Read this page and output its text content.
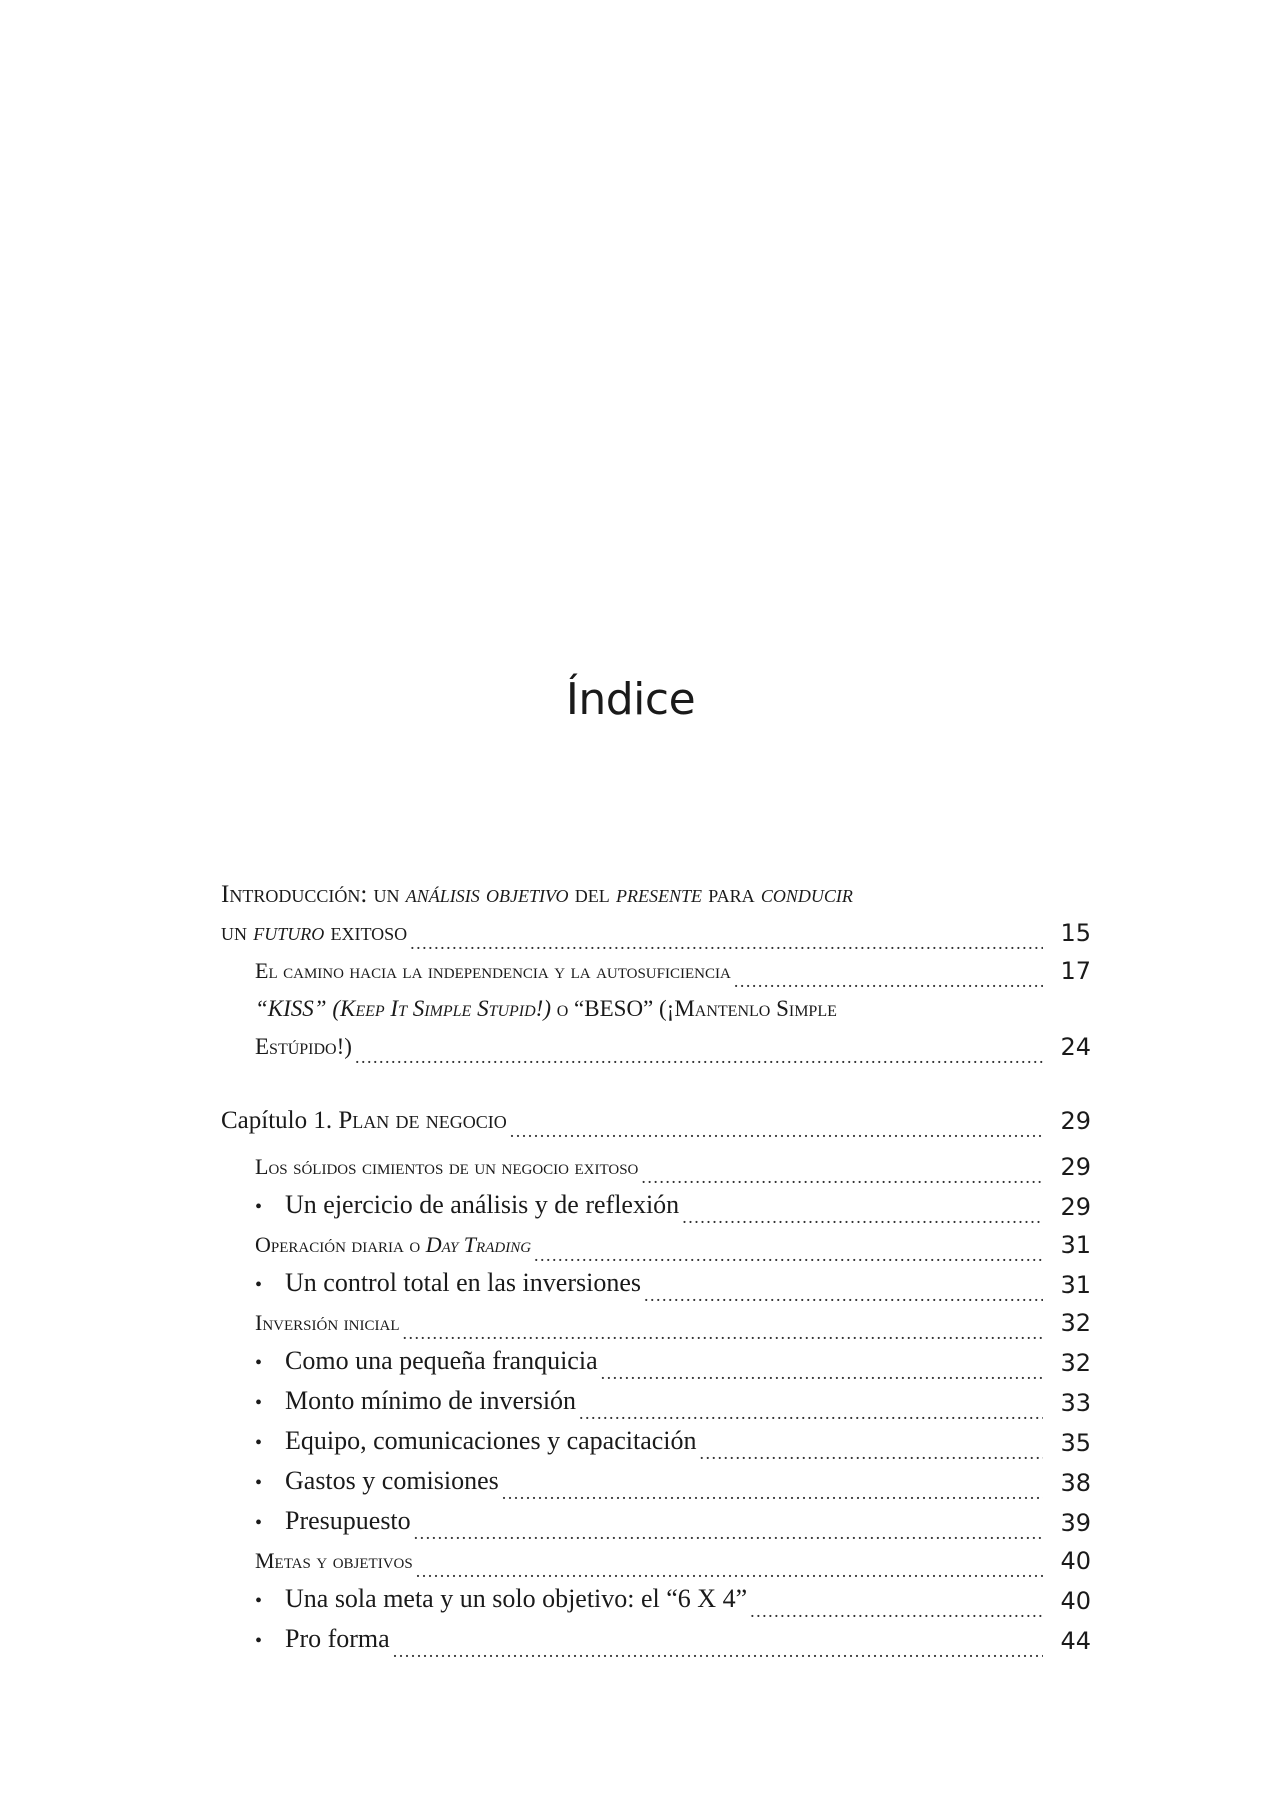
Índice
Introducción: un análisis objetivo del presente para conducir
un futuro exitoso .....	15
El camino hacia la independencia y la autosuficiencia .....	17
“KISS” (Keep It Simple Stupid!) o “BESO” (¡Mantenlo Simple
Estúpido!) .....	24
Capítulo 1. Plan de negocio .....	29
Los sólidos cimientos de un negocio exitoso .....	29
• Un ejercicio de análisis y de reflexión .....	29
Operación diaria o Day Trading .....	31
• Un control total en las inversiones .....	31
Inversión inicial .....	32
• Como una pequeña franquicia .....	32
• Monto mínimo de inversión .....	33
• Equipo, comunicaciones y capacitación .....	35
• Gastos y comisiones .....	38
• Presupuesto .....	39
Metas y objetivos .....	40
• Una sola meta y un solo objetivo: el “6 X 4” .....	40
• Pro forma .....	44
